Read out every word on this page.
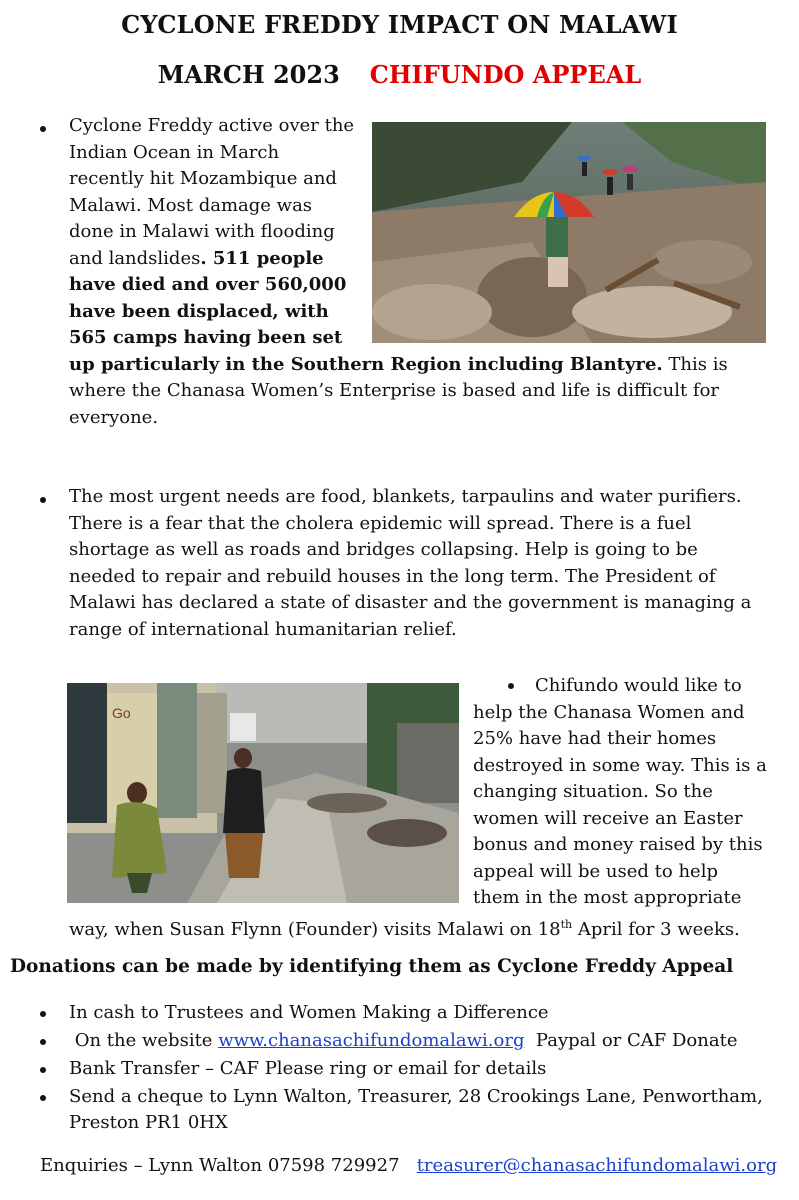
CYCLONE FREDDY IMPACT ON MALAWI
MARCH 2023 CHIFUNDO APPEAL
Cyclone Freddy active over the Indian Ocean in March recently hit Mozambique and Malawi. Most damage was done in Malawi with flooding and landslides. 511 people have died and over 560,000 have been displaced, with 565 camps having been set up particularly in the Southern Region including Blantyre. This is where the Chanasa Women’s Enterprise is based and life is difficult for everyone.
The most urgent needs are food, blankets, tarpaulins and water purifiers. There is a fear that the cholera epidemic will spread. There is a fuel shortage as well as roads and bridges collapsing. Help is going to be needed to repair and rebuild houses in the long term. The President of Malawi has declared a state of disaster and the government is managing a range of international humanitarian relief.
Go
Chifundo would like to help the Chanasa Women and 25% have had their homes destroyed in some way. This is a changing situation. So the women will receive an Easter bonus and money raised by this appeal will be used to help them in the most appropriate way, when Susan Flynn (Founder) visits Malawi on 18th April for 3 weeks.
Donations can be made by identifying them as Cyclone Freddy Appeal
In cash to Trustees and Women Making a Difference
On the website www.chanasachifundomalawi.org  Paypal or CAF Donate
Bank Transfer – CAF Please ring or email for details
Send a cheque to Lynn Walton, Treasurer, 28 Crookings Lane, Penwortham,
Preston PR1 0HX
Enquiries – Lynn Walton 07598 729927 treasurer@chanasachifundomalawi.org
